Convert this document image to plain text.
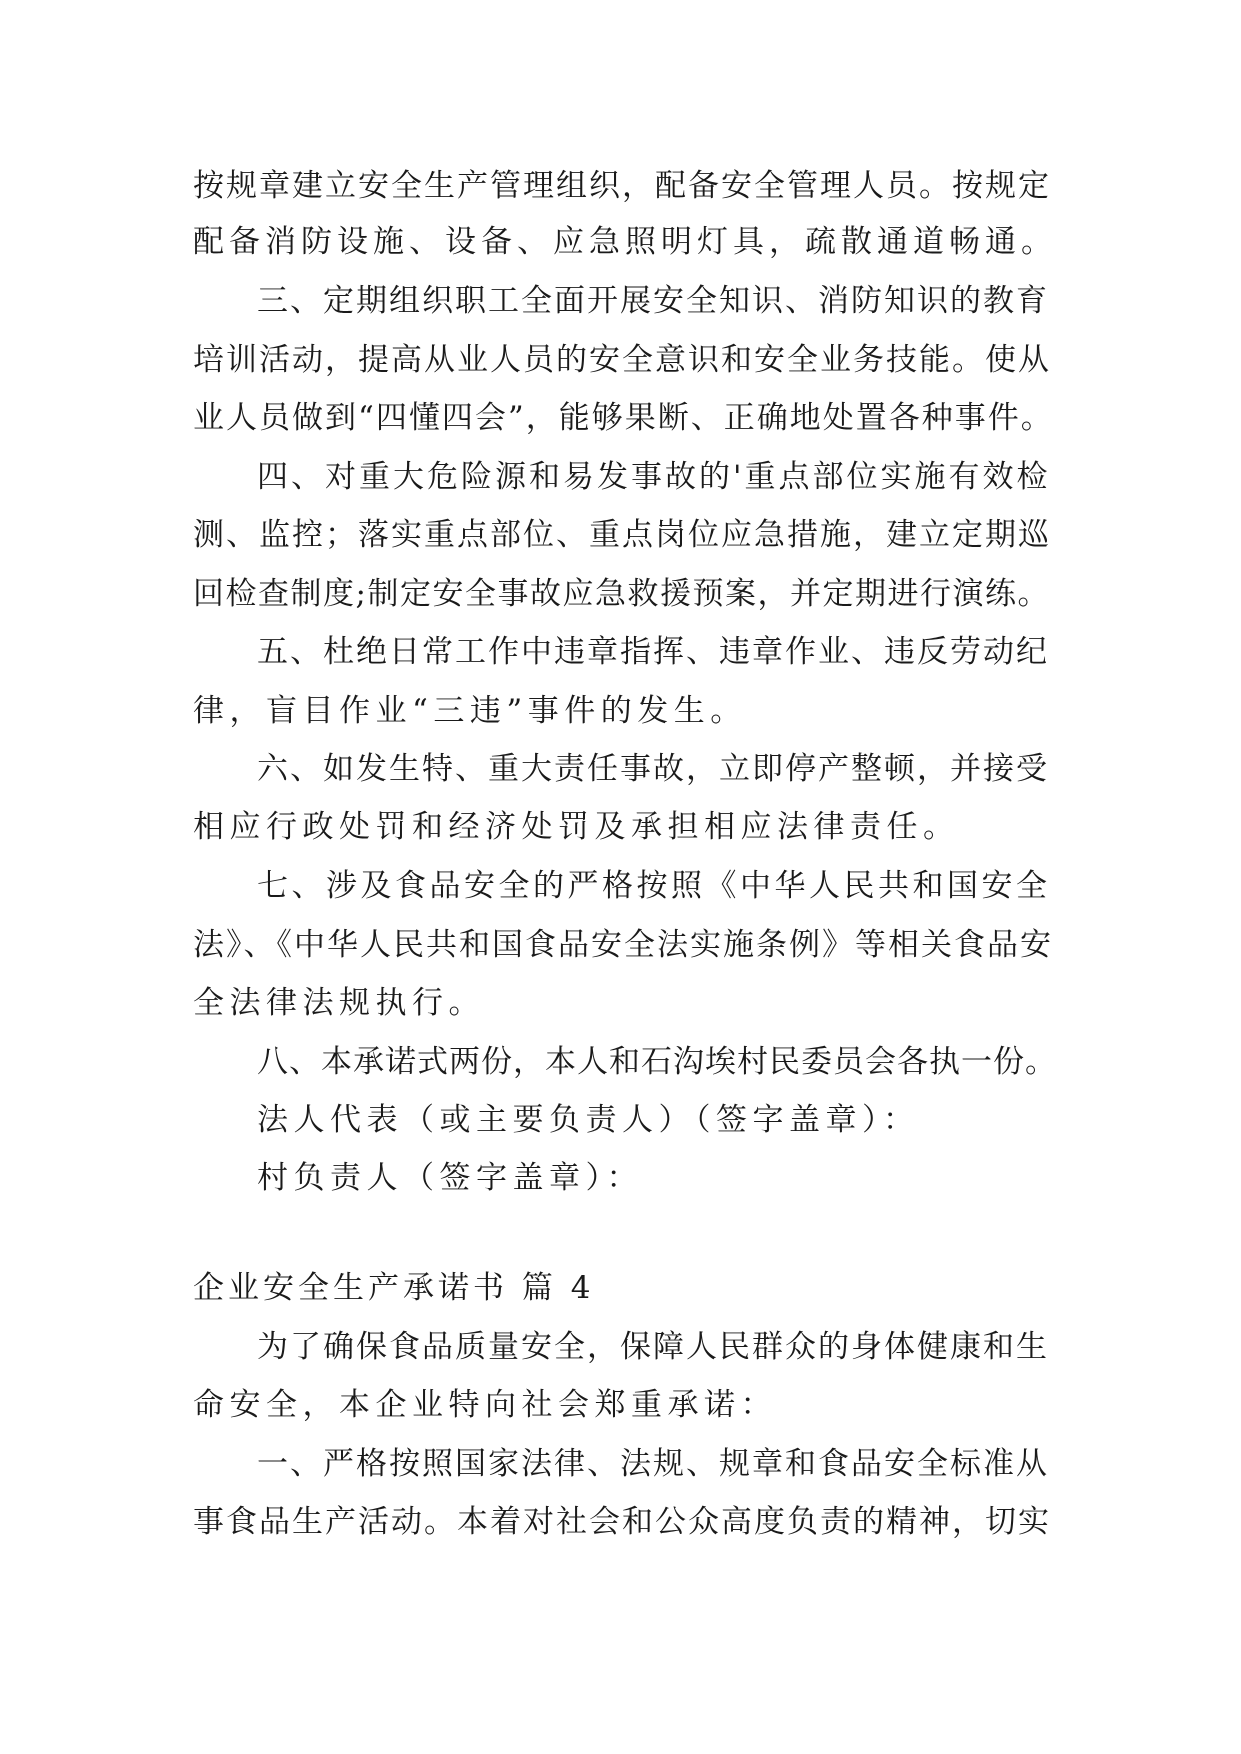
按规章建立安全生产管理组织，配备安全管理人员。按规定
配备消防设施、设备、应急照明灯具，疏散通道畅通。
三、定期组织职工全面开展安全知识、消防知识的教育
培训活动，提高从业人员的安全意识和安全业务技能。使从
业人员做到“四懂四会”，能够果断、正确地处置各种事件。
四、对重大危险源和易发事故的'重点部位实施有效检
测、监控；落实重点部位、重点岗位应急措施，建立定期巡
回检查制度;制定安全事故应急救援预案，并定期进行演练。
五、杜绝日常工作中违章指挥、违章作业、违反劳动纪
律，盲目作业“三违”事件的发生。
六、如发生特、重大责任事故，立即停产整顿，并接受
相应行政处罚和经济处罚及承担相应法律责任。
七、涉及食品安全的严格按照《中华人民共和国安全
法》、《中华人民共和国食品安全法实施条例》等相关食品安
全法律法规执行。
八、本承诺式两份，本人和石沟埃村民委员会各执一份。
法人代表（或主要负责人）（签字盖章）：
村负责人（签字盖章）：
企业安全生产承诺书 篇 4
为了确保食品质量安全，保障人民群众的身体健康和生
命安全，本企业特向社会郑重承诺：
一、严格按照国家法律、法规、规章和食品安全标准从
事食品生产活动。本着对社会和公众高度负责的精神，切实
